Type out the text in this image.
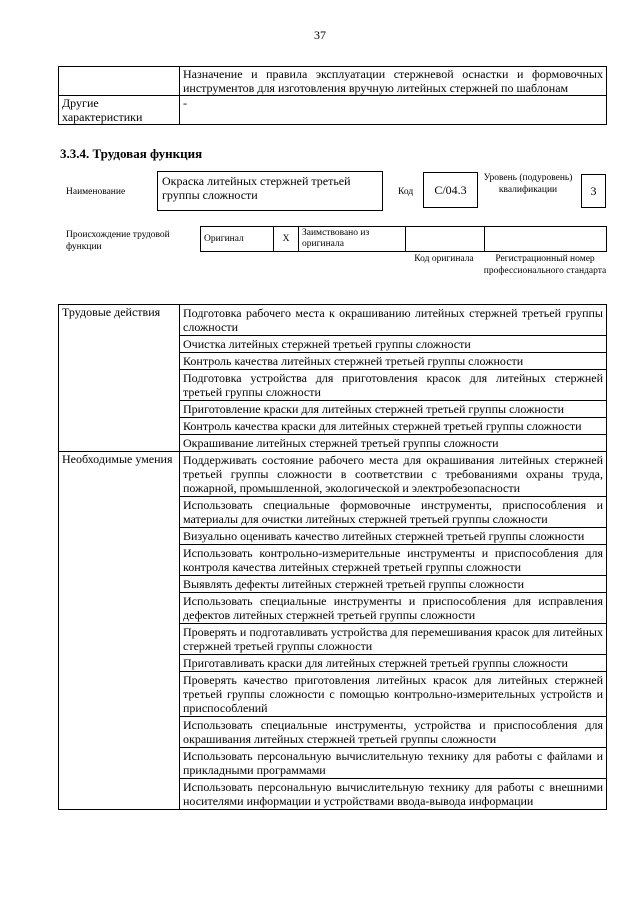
37
	Назначение и правила эксплуатации стержневой оснастки и формовочных инструментов для изготовления вручную литейных стержней по шаблонам
Другие характеристики	-
3.3.4. Трудовая функция
Наименование
Окраска литейных стержней третьей группы сложности	Код	C/04.3
Уровень (подуровень) квалификации	3
Происхождение трудовой функции
Оригинал	X	Заимствовано из оригинала		
Код оригинала	Регистрационный номер профессионального стандарта
Трудовые действия	Подготовка рабочего места к окрашиванию литейных стержней третьей группы сложности
	Очистка литейных стержней третьей группы сложности
	Контроль качества литейных стержней третьей группы сложности
	Подготовка устройства для приготовления красок для литейных стержней третьей группы сложности
	Приготовление краски для литейных стержней третьей группы сложности
	Контроль качества краски для литейных стержней третьей группы сложности
	Окрашивание литейных стержней третьей группы сложности
Необходимые умения	Поддерживать состояние рабочего места для окрашивания литейных стержней третьей группы сложности в соответствии с требованиями охраны труда, пожарной, промышленной, экологической и электробезопасности
	Использовать специальные формовочные инструменты, приспособления и материалы для очистки литейных стержней третьей группы сложности
	Визуально оценивать качество литейных стержней третьей группы сложности
	Использовать контрольно-измерительные инструменты и приспособления для контроля качества литейных стержней третьей группы сложности
	Выявлять дефекты литейных стержней третьей группы сложности
	Использовать специальные инструменты и приспособления для исправления дефектов литейных стержней третьей группы сложности
	Проверять и подготавливать устройства для перемешивания красок для литейных стержней третьей группы сложности
	Приготавливать краски для литейных стержней третьей группы сложности
	Проверять качество приготовления литейных красок для литейных стержней третьей группы сложности с помощью контрольно-измерительных устройств и приспособлений
	Использовать специальные инструменты, устройства и приспособления для окрашивания литейных стержней третьей группы сложности
	Использовать персональную вычислительную технику для работы с файлами и прикладными программами
	Использовать персональную вычислительную технику для работы с внешними носителями информации и устройствами ввода-вывода информации
